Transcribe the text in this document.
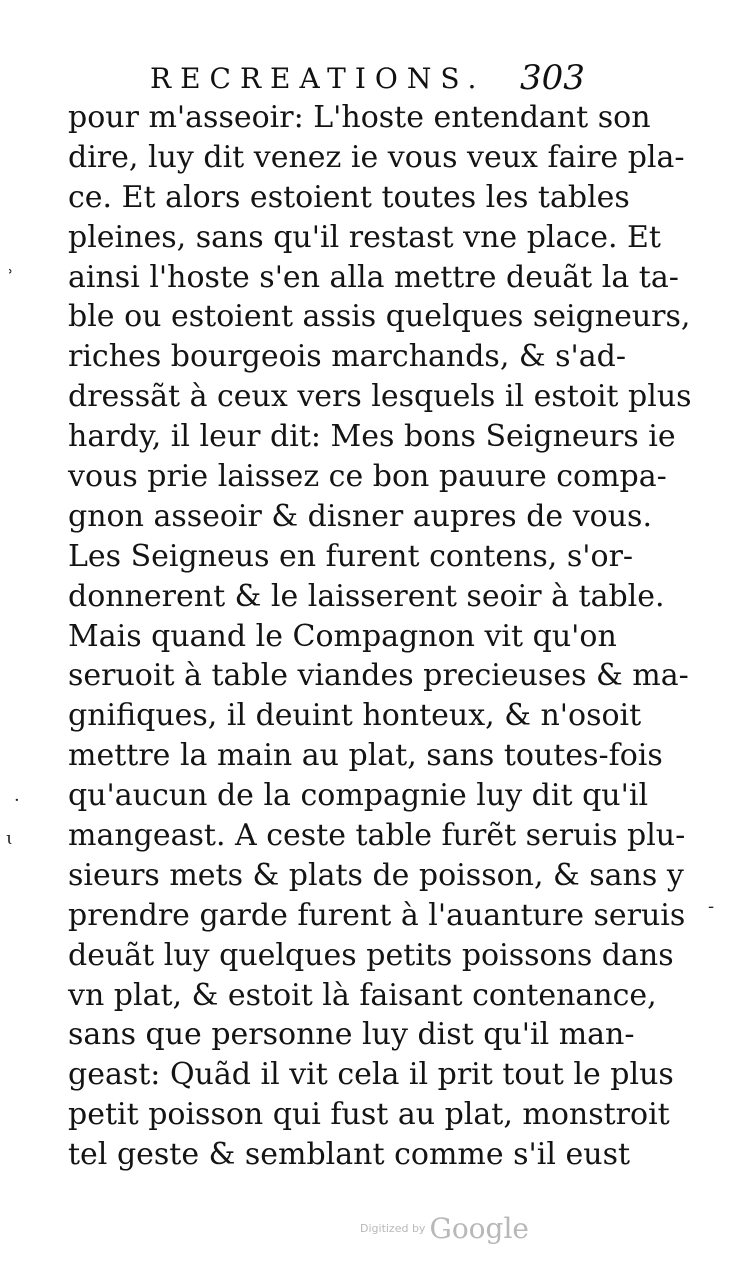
RECREATIONS. 303
pour m'asseoir: L'hoste entendant son
dire, luy dit venez ie vous veux faire pla-
ce. Et alors estoient toutes les tables
pleines, sans qu'il restast vne place. Et
ainsi l'hoste s'en alla mettre deuãt la ta-
ble ou estoient assis quelques seigneurs,
riches bourgeois marchands, & s'ad-
dressãt à ceux vers lesquels il estoit plus
hardy, il leur dit: Mes bons Seigneurs ie
vous prie laissez ce bon pauure compa-
gnon asseoir & disner aupres de vous.
Les Seigneus en furent contens, s'or-
donnerent & le laisserent seoir à table.
Mais quand le Compagnon vit qu'on
seruoit à table viandes precieuses & ma-
gnifiques, il deuint honteux, & n'osoit
mettre la main au plat, sans toutes-fois
qu'aucun de la compagnie luy dit qu'il
mangeast. A ceste table furẽt seruis plu-
sieurs mets & plats de poisson, & sans y
prendre garde furent à l'auanture seruis
deuãt luy quelques petits poissons dans
vn plat, & estoit là faisant contenance,
sans que personne luy dist qu'il man-
geast: Quãd il vit cela il prit tout le plus
petit poisson qui fust au plat, monstroit
tel geste & semblant comme s'il eust
˒
·
ɩ
-
Digitized by Google
